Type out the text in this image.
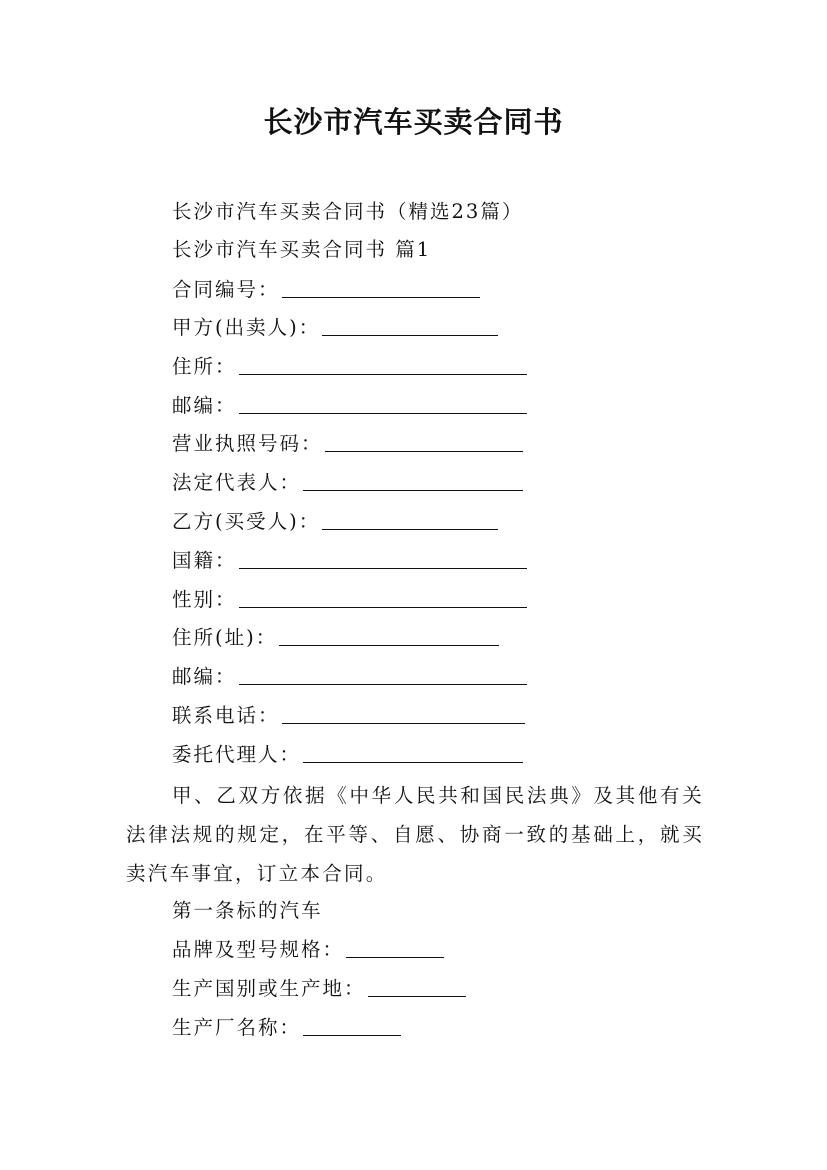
长沙市汽车买卖合同书
长沙市汽车买卖合同书（精选23篇）
长沙市汽车买卖合同书 篇1
合同编号：
甲方(出卖人)：
住所：
邮编：
营业执照号码：
法定代表人：
乙方(买受人)：
国籍：
性别：
住所(址)：
邮编：
联系电话：
委托代理人：
甲、乙双方依据《中华人民共和国民法典》及其他有关法律法规的规定，在平等、自愿、协商一致的基础上，就买卖汽车事宜，订立本合同。
第一条标的汽车
品牌及型号规格：
生产国别或生产地：
生产厂名称：
